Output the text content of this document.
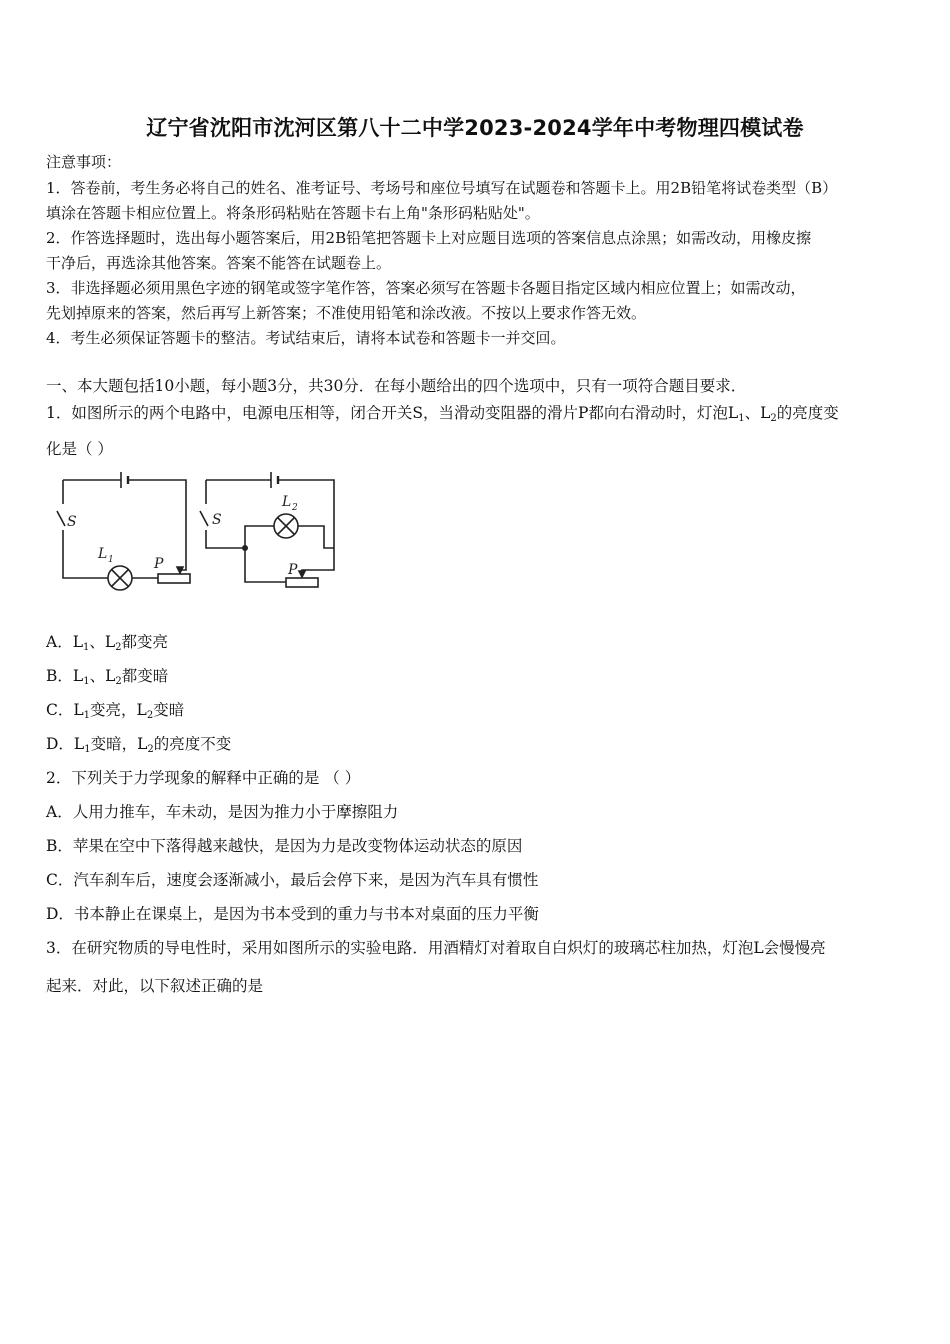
辽宁省沈阳市沈河区第八十二中学2023-2024学年中考物理四模试卷
注意事项：
1．答卷前，考生务必将自己的姓名、准考证号、考场号和座位号填写在试题卷和答题卡上。用2B铅笔将试卷类型（B）
填涂在答题卡相应位置上。将条形码粘贴在答题卡右上角"条形码粘贴处"。
2．作答选择题时，选出每小题答案后，用2B铅笔把答题卡上对应题目选项的答案信息点涂黑；如需改动，用橡皮擦
干净后，再选涂其他答案。答案不能答在试题卷上。
3．非选择题必须用黑色字迹的钢笔或签字笔作答，答案必须写在答题卡各题目指定区域内相应位置上；如需改动，
先划掉原来的答案，然后再写上新答案；不准使用铅笔和涂改液。不按以上要求作答无效。
4．考生必须保证答题卡的整洁。考试结束后，请将本试卷和答题卡一并交回。
一、本大题包括10小题，每小题3分，共30分．在每小题给出的四个选项中，只有一项符合题目要求．
1．如图所示的两个电路中，电源电压相等，闭合开关S，当滑动变阻器的滑片P都向右滑动时，灯泡$L_1$、$L_2$的亮度变
化是（ ）
S
L 1	P
S
L 2
P
A．$L_1$、$L_2$都变亮
B．$L_1$、$L_2$都变暗
C．$L_1$变亮，$L_2$变暗
D．$L_1$变暗，$L_2$的亮度不变
2．下列关于力学现象的解释中正确的是 （ ）
A．人用力推车，车未动，是因为推力小于摩擦阻力
B．苹果在空中下落得越来越快，是因为力是改变物体运动状态的原因
C．汽车刹车后，速度会逐渐减小，最后会停下来，是因为汽车具有惯性
D．书本静止在课桌上，是因为书本受到的重力与书本对桌面的压力平衡
3．在研究物质的导电性时，采用如图所示的实验电路．用酒精灯对着取自白炽灯的玻璃芯柱加热，灯泡L会慢慢亮
起来．对此，以下叙述正确的是
